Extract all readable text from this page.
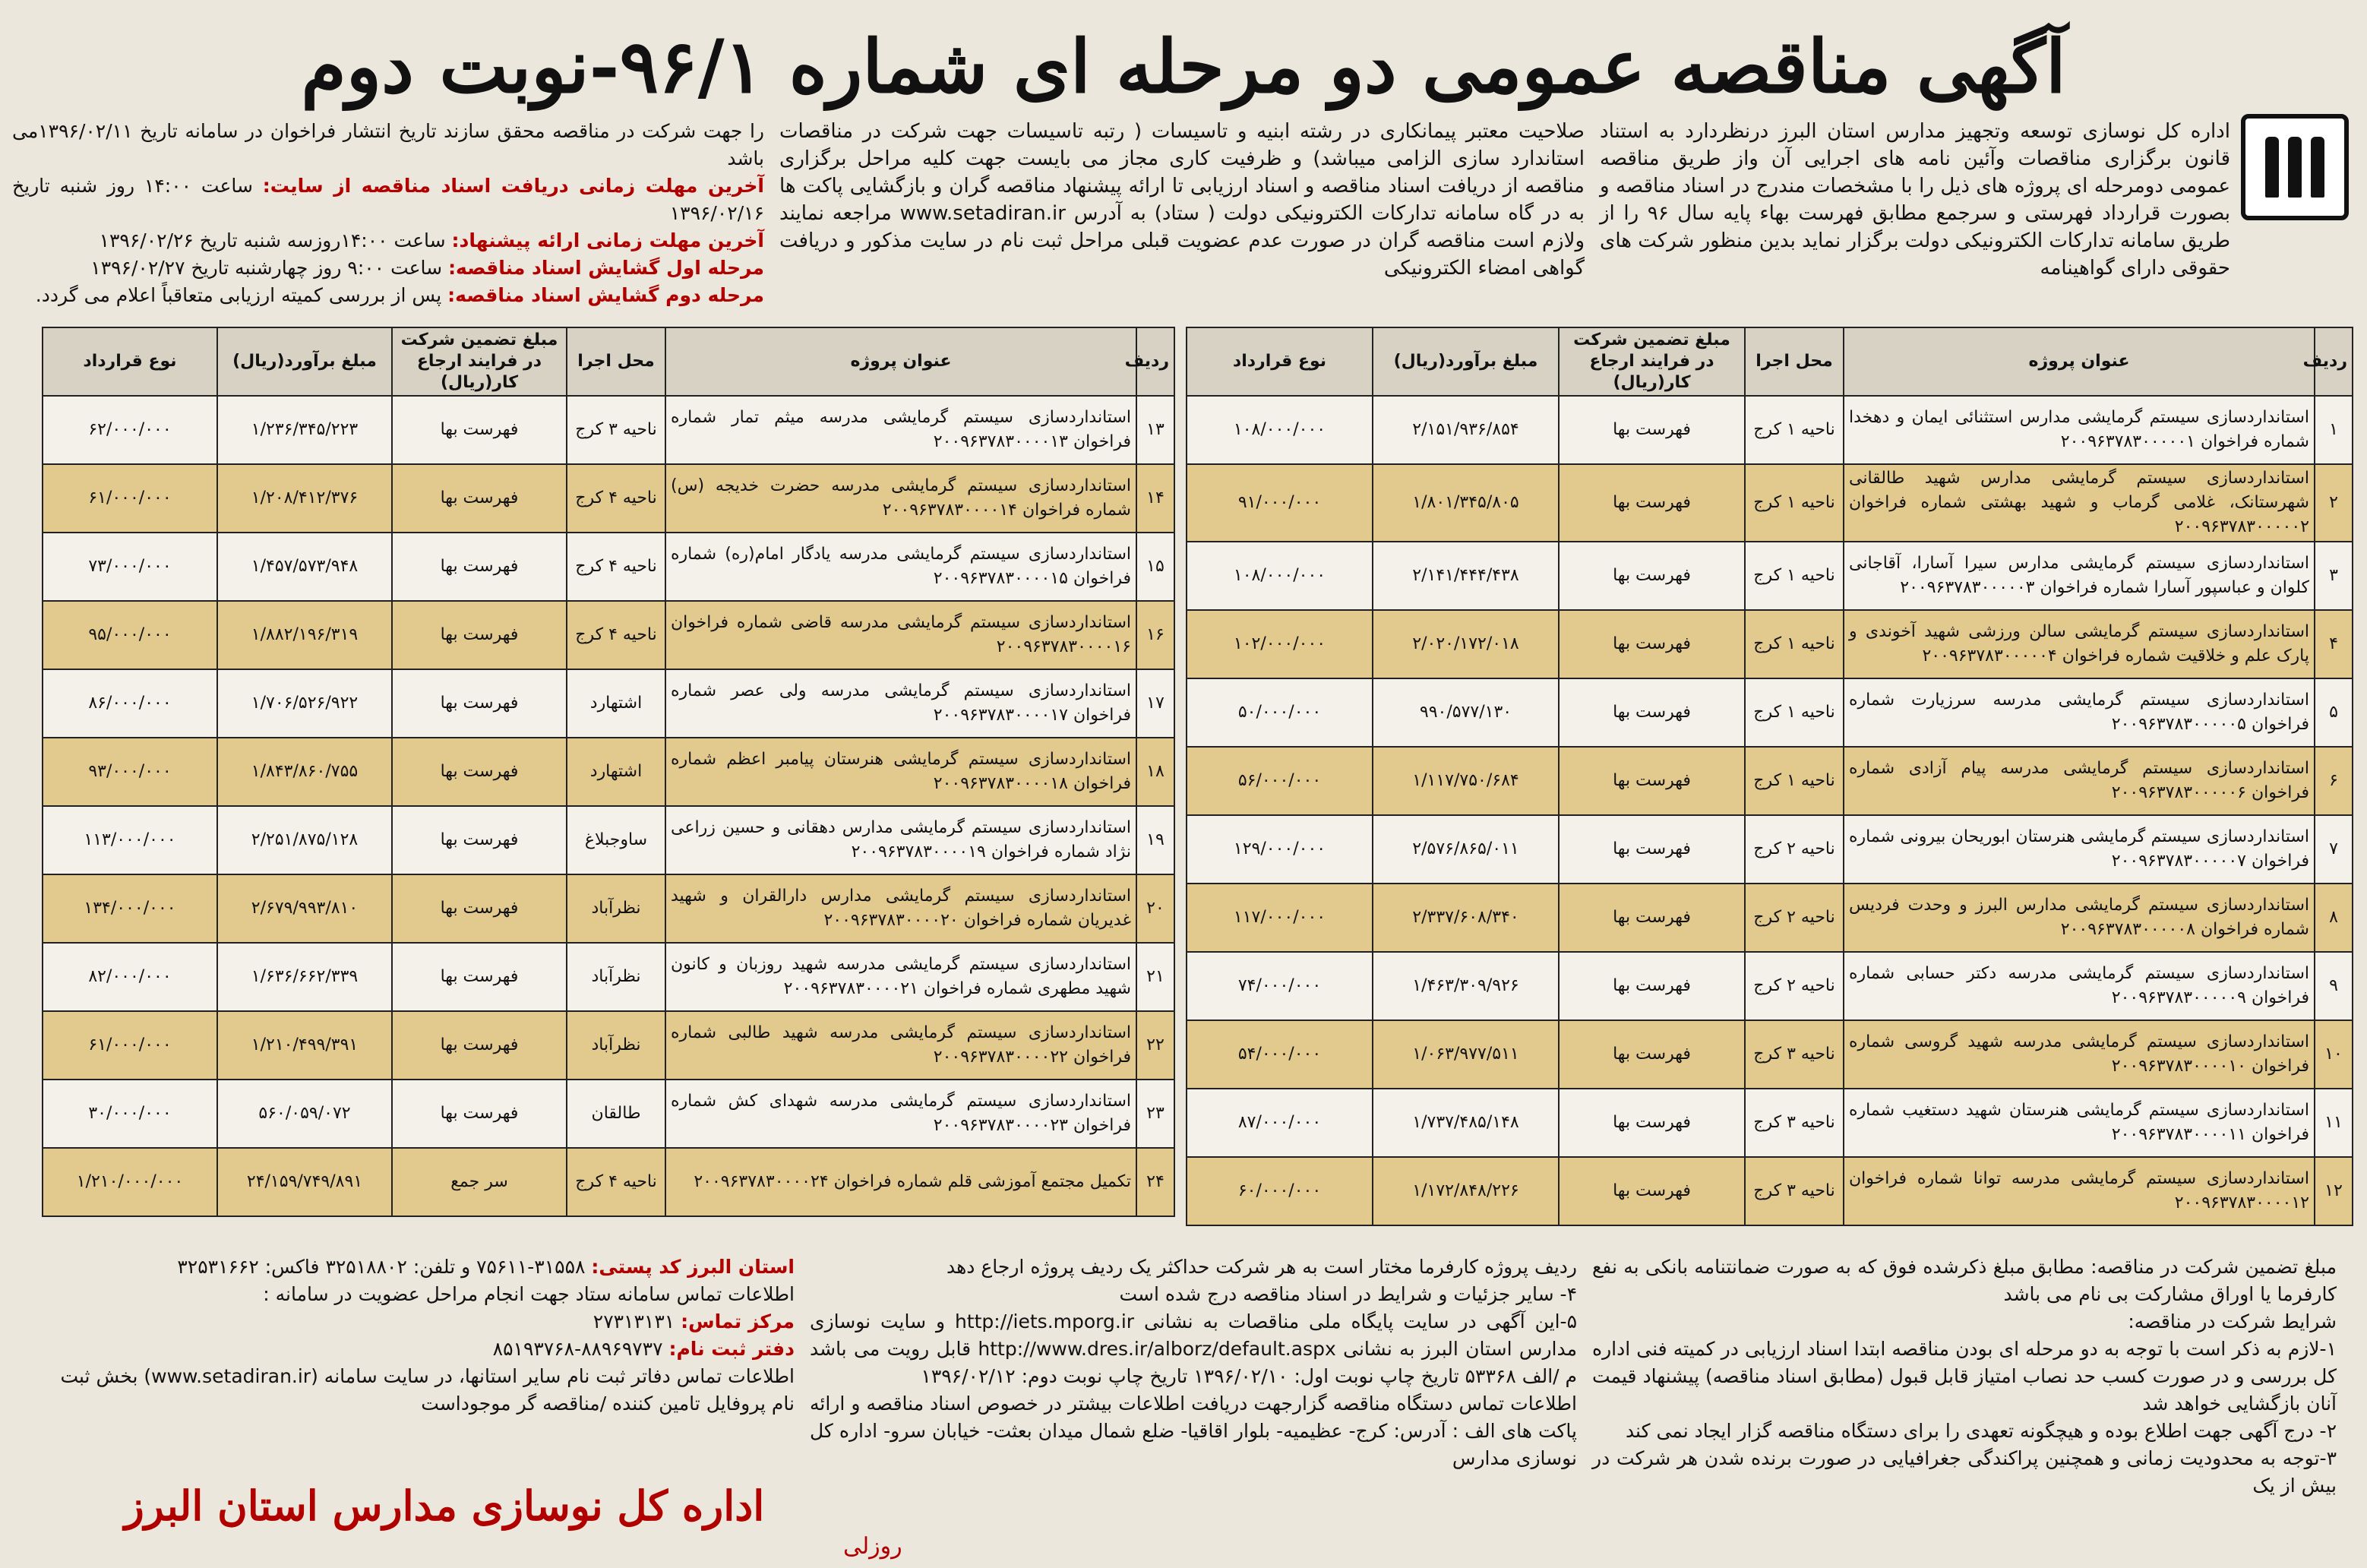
آگهی مناقصه عمومی دو مرحله ای شماره ۹۶/۱-نوبت دوم
اداره کل نوسازی توسعه وتجهیز مدارس استان البرز درنظردارد به استناد قانون برگزاری مناقصات وآئین نامه های اجرایی آن واز طریق مناقصه عمومی دومرحله ای پروژه های ذیل را با مشخصات مندرج در اسناد مناقصه و بصورت قرارداد فهرستی و سرجمع مطابق فهرست بهاء پایه سال ۹۶ را از طریق سامانه تدارکات الکترونیکی دولت برگزار نماید بدین منظور شرکت های حقوقی دارای گواهینامه
صلاحیت معتبر پیمانکاری در رشته ابنیه و تاسیسات ( رتبه تاسیسات جهت شرکت در مناقصات استاندارد سازی الزامی میباشد) و ظرفیت کاری مجاز می بایست جهت کلیه مراحل برگزاری مناقصه از دریافت اسناد مناقصه و اسناد ارزیابی تا ارائه پیشنهاد مناقصه گران و بازگشایی پاکت ها به در گاه سامانه تدارکات الکترونیکی دولت ( ستاد) به آدرس www.setadiran.ir مراجعه نمایند ولازم است مناقصه گران در صورت عدم عضویت قبلی مراحل ثبت نام در سایت مذکور و دریافت گواهی امضاء الکترونیکی
را جهت شرکت در مناقصه محقق سازند تاریخ انتشار فراخوان در سامانه تاریخ ۱۳۹۶/۰۲/۱۱می باشد
آخرین مهلت زمانی دریافت اسناد مناقصه از سایت: ساعت ۱۴:۰۰ روز شنبه تاریخ ۱۳۹۶/۰۲/۱۶
آخرین مهلت زمانی ارائه پیشنهاد: ساعت ۱۴:۰۰روزسه شنبه تاریخ ۱۳۹۶/۰۲/۲۶
مرحله اول گشایش اسناد مناقصه: ساعت ۹:۰۰ روز چهارشنبه تاریخ ۱۳۹۶/۰۲/۲۷
مرحله دوم گشایش اسناد مناقصه: پس از بررسی کمیته ارزیابی متعاقباً اعلام می گردد.
ردیف	عنوان پروژه	محل اجرا	مبلغ تضمین شرکت در فرایند ارجاع کار(ریال)	مبلغ برآورد(ریال)	نوع قرارداد
۱	استانداردسازی سیستم گرمایشی مدارس استثنائی ایمان و دهخدا شماره فراخوان ۲۰۰۹۶۳۷۸۳۰۰۰۰۰۱	ناحیه ۱ کرج	فهرست بها	۲/۱۵۱/۹۳۶/۸۵۴	۱۰۸/۰۰۰/۰۰۰
۲	استانداردسازی سیستم گرمایشی مدارس شهید طالقانی شهرستانک، غلامی گرماب و شهید بهشتی شماره فراخوان ۲۰۰۹۶۳۷۸۳۰۰۰۰۰۲	ناحیه ۱ کرج	فهرست بها	۱/۸۰۱/۳۴۵/۸۰۵	۹۱/۰۰۰/۰۰۰
۳	استانداردسازی سیستم گرمایشی مدارس سیرا آسارا، آقاجانی کلوان و عباسپور آسارا شماره فراخوان ۲۰۰۹۶۳۷۸۳۰۰۰۰۰۳	ناحیه ۱ کرج	فهرست بها	۲/۱۴۱/۴۴۴/۴۳۸	۱۰۸/۰۰۰/۰۰۰
۴	استانداردسازی سیستم گرمایشی سالن ورزشی شهید آخوندی و پارک علم و خلاقیت شماره فراخوان ۲۰۰۹۶۳۷۸۳۰۰۰۰۰۴	ناحیه ۱ کرج	فهرست بها	۲/۰۲۰/۱۷۲/۰۱۸	۱۰۲/۰۰۰/۰۰۰
۵	استانداردسازی سیستم گرمایشی مدرسه سرزیارت شماره فراخوان ۲۰۰۹۶۳۷۸۳۰۰۰۰۰۵	ناحیه ۱ کرج	فهرست بها	۹۹۰/۵۷۷/۱۳۰	۵۰/۰۰۰/۰۰۰
۶	استانداردسازی سیستم گرمایشی مدرسه پیام آزادی شماره فراخوان ۲۰۰۹۶۳۷۸۳۰۰۰۰۰۶	ناحیه ۱ کرج	فهرست بها	۱/۱۱۷/۷۵۰/۶۸۴	۵۶/۰۰۰/۰۰۰
۷	استانداردسازی سیستم گرمایشی هنرستان ابوریحان بیرونی شماره فراخوان ۲۰۰۹۶۳۷۸۳۰۰۰۰۰۷	ناحیه ۲ کرج	فهرست بها	۲/۵۷۶/۸۶۵/۰۱۱	۱۲۹/۰۰۰/۰۰۰
۸	استانداردسازی سیستم گرمایشی مدارس البرز و وحدت فردیس شماره فراخوان ۲۰۰۹۶۳۷۸۳۰۰۰۰۰۸	ناحیه ۲ کرج	فهرست بها	۲/۳۳۷/۶۰۸/۳۴۰	۱۱۷/۰۰۰/۰۰۰
۹	استانداردسازی سیستم گرمایشی مدرسه دکتر حسابی شماره فراخوان ۲۰۰۹۶۳۷۸۳۰۰۰۰۰۹	ناحیه ۲ کرج	فهرست بها	۱/۴۶۳/۳۰۹/۹۲۶	۷۴/۰۰۰/۰۰۰
۱۰	استانداردسازی سیستم گرمایشی مدرسه شهید گروسی شماره فراخوان ۲۰۰۹۶۳۷۸۳۰۰۰۰۱۰	ناحیه ۳ کرج	فهرست بها	۱/۰۶۳/۹۷۷/۵۱۱	۵۴/۰۰۰/۰۰۰
۱۱	استانداردسازی سیستم گرمایشی هنرستان شهید دستغیب شماره فراخوان ۲۰۰۹۶۳۷۸۳۰۰۰۰۱۱	ناحیه ۳ کرج	فهرست بها	۱/۷۳۷/۴۸۵/۱۴۸	۸۷/۰۰۰/۰۰۰
۱۲	استانداردسازی سیستم گرمایشی مدرسه توانا شماره فراخوان ۲۰۰۹۶۳۷۸۳۰۰۰۰۱۲	ناحیه ۳ کرج	فهرست بها	۱/۱۷۲/۸۴۸/۲۲۶	۶۰/۰۰۰/۰۰۰
ردیف	عنوان پروژه	محل اجرا	مبلغ تضمین شرکت در فرایند ارجاع کار(ریال)	مبلغ برآورد(ریال)	نوع قرارداد
۱۳	استانداردسازی سیستم گرمایشی مدرسه میثم تمار شماره فراخوان ۲۰۰۹۶۳۷۸۳۰۰۰۰۱۳	ناحیه ۳ کرج	فهرست بها	۱/۲۳۶/۳۴۵/۲۲۳	۶۲/۰۰۰/۰۰۰
۱۴	استانداردسازی سیستم گرمایشی مدرسه حضرت خدیجه (س) شماره فراخوان ۲۰۰۹۶۳۷۸۳۰۰۰۰۱۴	ناحیه ۴ کرج	فهرست بها	۱/۲۰۸/۴۱۲/۳۷۶	۶۱/۰۰۰/۰۰۰
۱۵	استانداردسازی سیستم گرمایشی مدرسه یادگار امام(ره) شماره فراخوان ۲۰۰۹۶۳۷۸۳۰۰۰۰۱۵	ناحیه ۴ کرج	فهرست بها	۱/۴۵۷/۵۷۳/۹۴۸	۷۳/۰۰۰/۰۰۰
۱۶	استانداردسازی سیستم گرمایشی مدرسه قاضی شماره فراخوان ۲۰۰۹۶۳۷۸۳۰۰۰۰۱۶	ناحیه ۴ کرج	فهرست بها	۱/۸۸۲/۱۹۶/۳۱۹	۹۵/۰۰۰/۰۰۰
۱۷	استانداردسازی سیستم گرمایشی مدرسه ولی عصر شماره فراخوان ۲۰۰۹۶۳۷۸۳۰۰۰۰۱۷	اشتهارد	فهرست بها	۱/۷۰۶/۵۲۶/۹۲۲	۸۶/۰۰۰/۰۰۰
۱۸	استانداردسازی سیستم گرمایشی هنرستان پیامبر اعظم شماره فراخوان ۲۰۰۹۶۳۷۸۳۰۰۰۰۱۸	اشتهارد	فهرست بها	۱/۸۴۳/۸۶۰/۷۵۵	۹۳/۰۰۰/۰۰۰
۱۹	استانداردسازی سیستم گرمایشی مدارس دهقانی و حسین زراعی نژاد شماره فراخوان ۲۰۰۹۶۳۷۸۳۰۰۰۰۱۹	ساوجبلاغ	فهرست بها	۲/۲۵۱/۸۷۵/۱۲۸	۱۱۳/۰۰۰/۰۰۰
۲۰	استانداردسازی سیستم گرمایشی مدارس دارالقران و شهید غدیریان شماره فراخوان ۲۰۰۹۶۳۷۸۳۰۰۰۰۲۰	نظرآباد	فهرست بها	۲/۶۷۹/۹۹۳/۸۱۰	۱۳۴/۰۰۰/۰۰۰
۲۱	استانداردسازی سیستم گرمایشی مدرسه شهید روزبان و کانون شهید مطهری شماره فراخوان ۲۰۰۹۶۳۷۸۳۰۰۰۰۲۱	نظرآباد	فهرست بها	۱/۶۳۶/۶۶۲/۳۳۹	۸۲/۰۰۰/۰۰۰
۲۲	استانداردسازی سیستم گرمایشی مدرسه شهید طالبی شماره فراخوان ۲۰۰۹۶۳۷۸۳۰۰۰۰۲۲	نظرآباد	فهرست بها	۱/۲۱۰/۴۹۹/۳۹۱	۶۱/۰۰۰/۰۰۰
۲۳	استانداردسازی سیستم گرمایشی مدرسه شهدای کش شماره فراخوان ۲۰۰۹۶۳۷۸۳۰۰۰۰۲۳	طالقان	فهرست بها	۵۶۰/۰۵۹/۰۷۲	۳۰/۰۰۰/۰۰۰
۲۴	تکمیل مجتمع آموزشی قلم شماره فراخوان ۲۰۰۹۶۳۷۸۳۰۰۰۰۲۴	ناحیه ۴ کرج	سر جمع	۲۴/۱۵۹/۷۴۹/۸۹۱	۱/۲۱۰/۰۰۰/۰۰۰
مبلغ تضمین شرکت در مناقصه: مطابق مبلغ ذکرشده فوق که به صورت ضمانتنامه بانکی به نفع کارفرما یا اوراق مشارکت بی نام می باشد
شرایط شرکت در مناقصه:
۱-لازم به ذکر است با توجه به دو مرحله ای بودن مناقصه ابتدا اسناد ارزیابی در کمیته فنی اداره کل بررسی و در صورت کسب حد نصاب امتیاز قابل قبول (مطابق اسناد مناقصه) پیشنهاد قیمت آنان بازگشایی خواهد شد
۲- درج آگهی جهت اطلاع بوده و هیچگونه تعهدی را برای دستگاه مناقصه گزار ایجاد نمی کند
۳-توجه به محدودیت زمانی و همچنین پراکندگی جغرافیایی در صورت برنده شدن هر شرکت در بیش از یک
ردیف پروژه کارفرما مختار است به هر شرکت حداکثر یک ردیف پروژه ارجاع دهد
۴- سایر جزئیات و شرایط در اسناد مناقصه درج شده است
۵-این آگهی در سایت پایگاه ملی مناقصات به نشانی http://iets.mporg.ir و سایت نوسازی مدارس استان البرز به نشانی http://www.dres.ir/alborz/default.aspx قابل رویت می باشد م /الف ۵۳۳۶۸ تاریخ چاپ نوبت اول: ۱۳۹۶/۰۲/۱۰ تاریخ چاپ نوبت دوم: ۱۳۹۶/۰۲/۱۲
اطلاعات تماس دستگاه مناقصه گزارجهت دریافت اطلاعات بیشتر در خصوص اسناد مناقصه و ارائه پاکت های الف : آدرس: کرج- عظیمیه- بلوار اقاقیا- ضلع شمال میدان بعثت- خیابان سرو- اداره کل نوسازی مدارس
استان البرز کد پستی: ۳۱۵۵۸-۷۵۶۱۱ و تلفن: ۳۲۵۱۸۸۰۲ فاکس: ۳۲۵۳۱۶۶۲
اطلاعات تماس سامانه ستاد جهت انجام مراحل عضویت در سامانه :
مرکز تماس: ۲۷۳۱۳۱۳۱
دفتر ثبت نام: ۸۸۹۶۹۷۳۷-۸۵۱۹۳۷۶۸
اطلاعات تماس دفاتر ثبت نام سایر استانها، در سایت سامانه (www.setadiran.ir) بخش ثبت نام پروفایل تامین کننده /مناقصه گر موجوداست
اداره کل نوسازی مدارس استان البرز
روزلی
